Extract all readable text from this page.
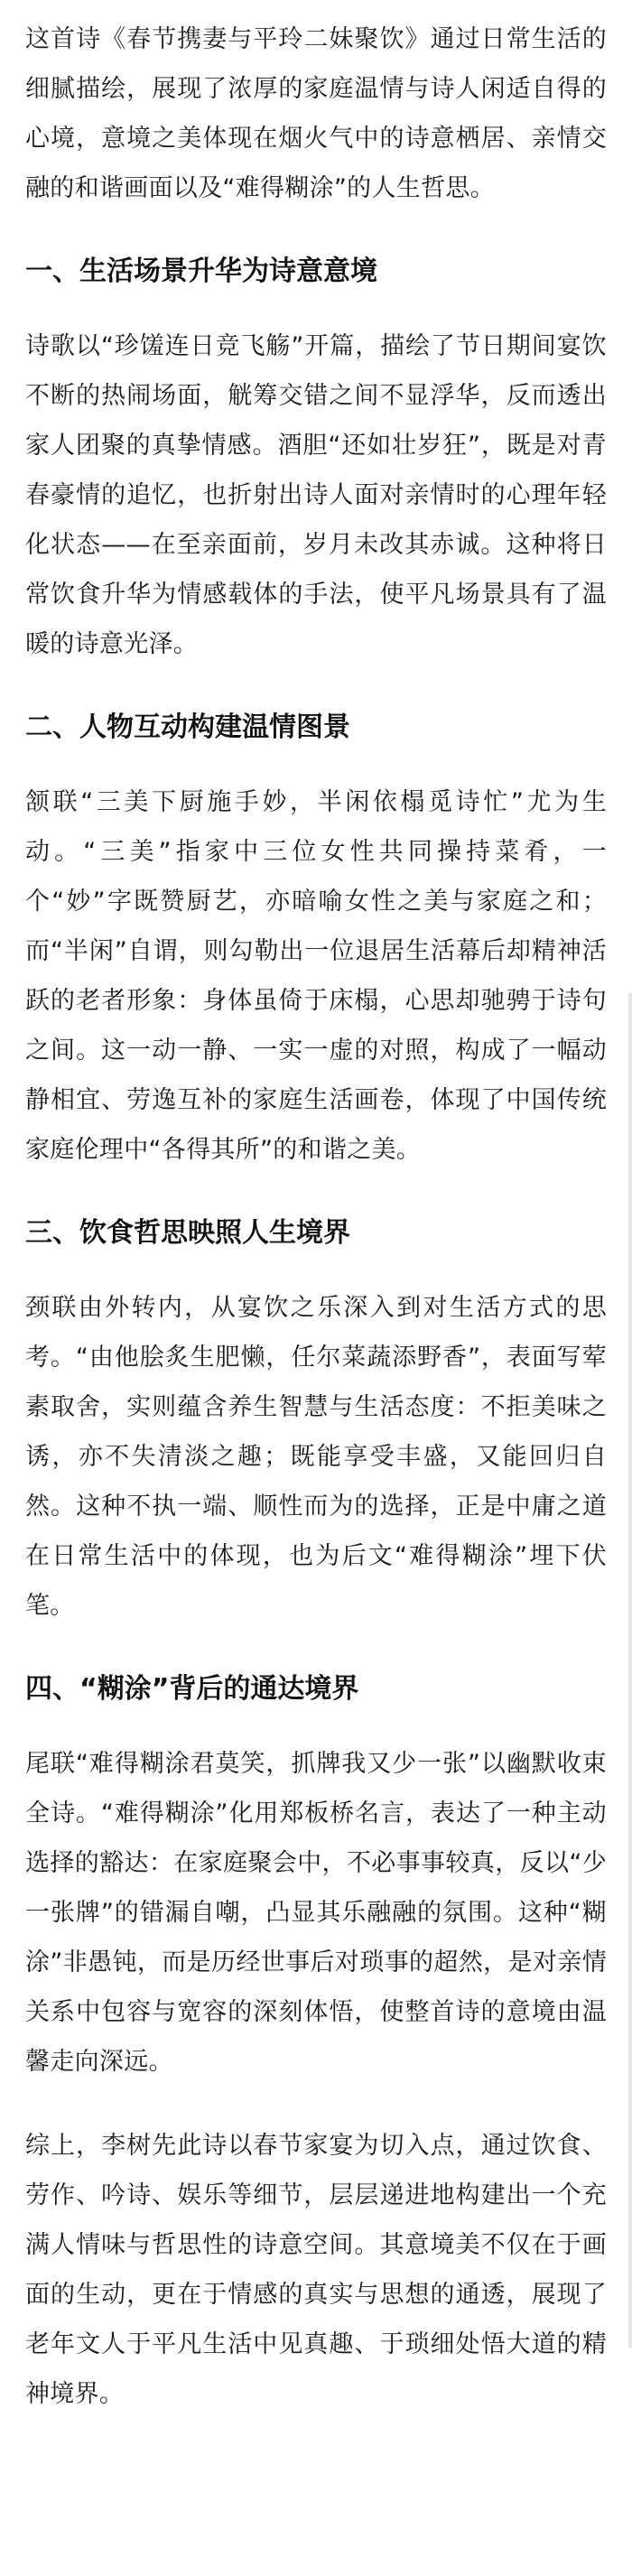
这首诗《春节携妻与平玲二妹聚饮》通过日常生活的细腻描绘，展现了浓厚的家庭温情与诗人闲适自得的心境，意境之美体现在烟火气中的诗意栖居、亲情交融的和谐画面以及“难得糊涂”的人生哲思。

一、生活场景升华为诗意意境

诗歌以“珍馐连日竞飞觞”开篇，描绘了节日期间宴饮不断的热闹场面，觥筹交错之间不显浮华，反而透出家人团聚的真挚情感。酒胆“还如壮岁狂”，既是对青春豪情的追忆，也折射出诗人面对亲情时的心理年轻化状态——在至亲面前，岁月未改其赤诚。这种将日常饮食升华为情感载体的手法，使平凡场景具有了温暖的诗意光泽。

二、人物互动构建温情图景

颔联“三美下厨施手妙，半闲依榻觅诗忙”尤为生动。“三美”指家中三位女性共同操持菜肴，一个“妙”字既赞厨艺，亦暗喻女性之美与家庭之和；而“半闲”自谓，则勾勒出一位退居生活幕后却精神活跃的老者形象：身体虽倚于床榻，心思却驰骋于诗句之间。这一动一静、一实一虚的对照，构成了一幅动静相宜、劳逸互补的家庭生活画卷，体现了中国传统家庭伦理中“各得其所”的和谐之美。

三、饮食哲思映照人生境界

颈联由外转内，从宴饮之乐深入到对生活方式的思考。“由他脍炙生肥懒，任尔菜蔬添野香”，表面写荤素取舍，实则蕴含养生智慧与生活态度：不拒美味之诱，亦不失清淡之趣；既能享受丰盛，又能回归自然。这种不执一端、顺性而为的选择，正是中庸之道在日常生活中的体现，也为后文“难得糊涂”埋下伏笔。

四、“糊涂”背后的通达境界

尾联“难得糊涂君莫笑，抓牌我又少一张”以幽默收束全诗。“难得糊涂”化用郑板桥名言，表达了一种主动选择的豁达：在家庭聚会中，不必事事较真，反以“少一张牌”的错漏自嘲，凸显其乐融融的氛围。这种“糊涂”非愚钝，而是历经世事后对琐事的超然，是对亲情关系中包容与宽容的深刻体悟，使整首诗的意境由温馨走向深远。

综上，李树先此诗以春节家宴为切入点，通过饮食、劳作、吟诗、娱乐等细节，层层递进地构建出一个充满人情味与哲思性的诗意空间。其意境美不仅在于画面的生动，更在于情感的真实与思想的通透，展现了老年文人于平凡生活中见真趣、于琐细处悟大道的精神境界。
